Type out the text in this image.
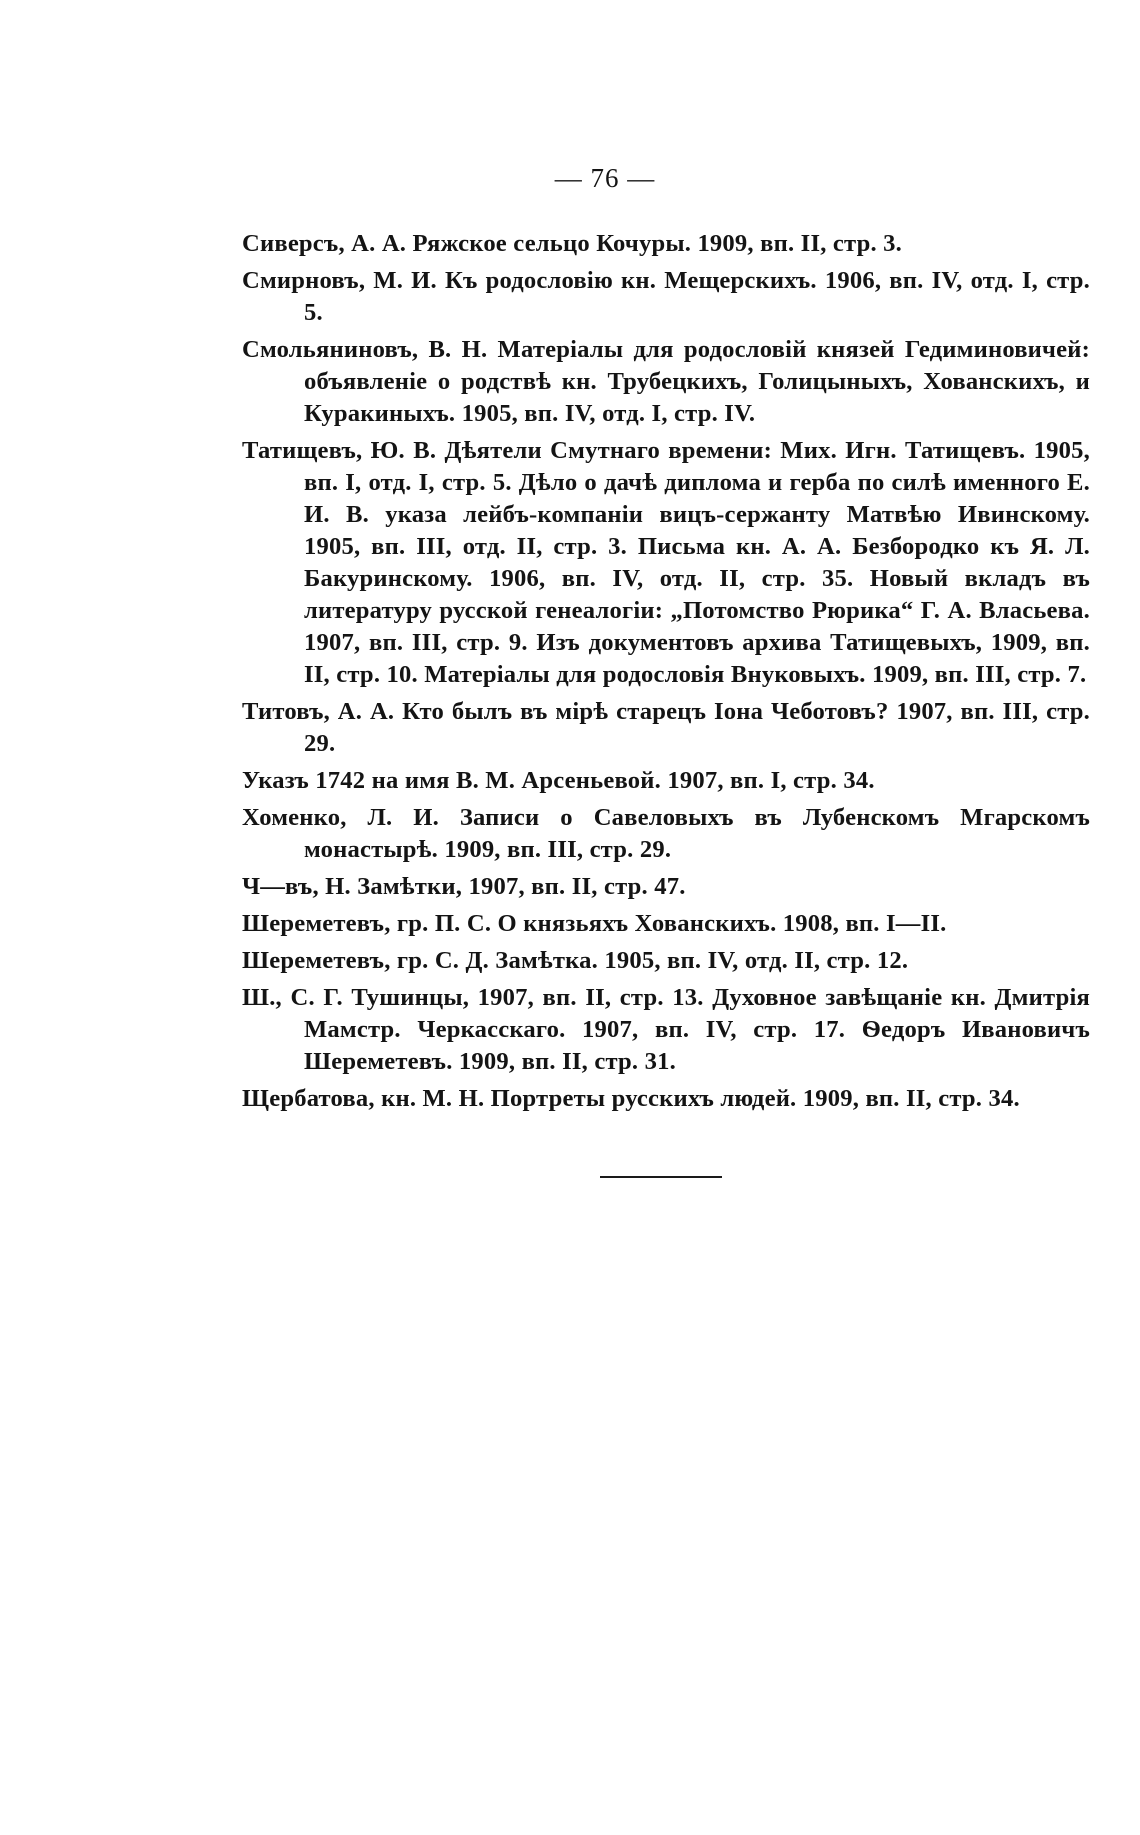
— 76 —
Сиверсъ, А. А. Ряжское сельцо Кочуры. 1909, вп. II, стр. 3.
Смирновъ, М. И. Къ родословію кн. Мещерскихъ. 1906, вп. IV, отд. I, стр. 5.
Смольяниновъ, В. Н. Матеріалы для родословій князей Гедиминовичей: объявленіе о родствѣ кн. Трубецкихъ, Голицыныхъ, Хованскихъ, и Куракиныхъ. 1905, вп. IV, отд. I, стр. IV.
Татищевъ, Ю. В. Дѣятели Смутнаго времени: Мих. Игн. Татищевъ. 1905, вп. I, отд. I, стр. 5. Дѣло о дачѣ диплома и герба по силѣ именного Е. И. В. указа лейбъ-компаніи вицъ-сержанту Матвѣю Ивинскому. 1905, вп. III, отд. II, стр. 3. Письма кн. А. А. Безбородко къ Я. Л. Бакуринскому. 1906, вп. IV, отд. II, стр. 35. Новый вкладъ въ литературу русской генеалогіи: „Потомство Рюрика“ Г. А. Власьева. 1907, вп. III, стр. 9. Изъ документовъ архива Татищевыхъ, 1909, вп. II, стр. 10. Матеріалы для родословія Внуковыхъ. 1909, вп. III, стр. 7.
Титовъ, А. А. Кто былъ въ мірѣ старецъ Іона Чеботовъ? 1907, вп. III, стр. 29.
Указъ 1742 на имя В. М. Арсеньевой. 1907, вп. I, стр. 34.
Хоменко, Л. И. Записи о Савеловыхъ въ Лубенскомъ Мгарскомъ монастырѣ. 1909, вп. III, стр. 29.
Ч—въ, Н. Замѣтки, 1907, вп. II, стр. 47.
Шереметевъ, гр. П. С. О князьяхъ Хованскихъ. 1908, вп. I—II.
Шереметевъ, гр. С. Д. Замѣтка. 1905, вп. IV, отд. II, стр. 12.
Ш., С. Г. Тушинцы, 1907, вп. II, стр. 13. Духовное завѣщаніе кн. Дмитрія Мамстр. Черкасскаго. 1907, вп. IV, стр. 17. Ѳедоръ Ивановичъ Шереметевъ. 1909, вп. II, стр. 31.
Щербатова, кн. М. Н. Портреты русскихъ людей. 1909, вп. II, стр. 34.
